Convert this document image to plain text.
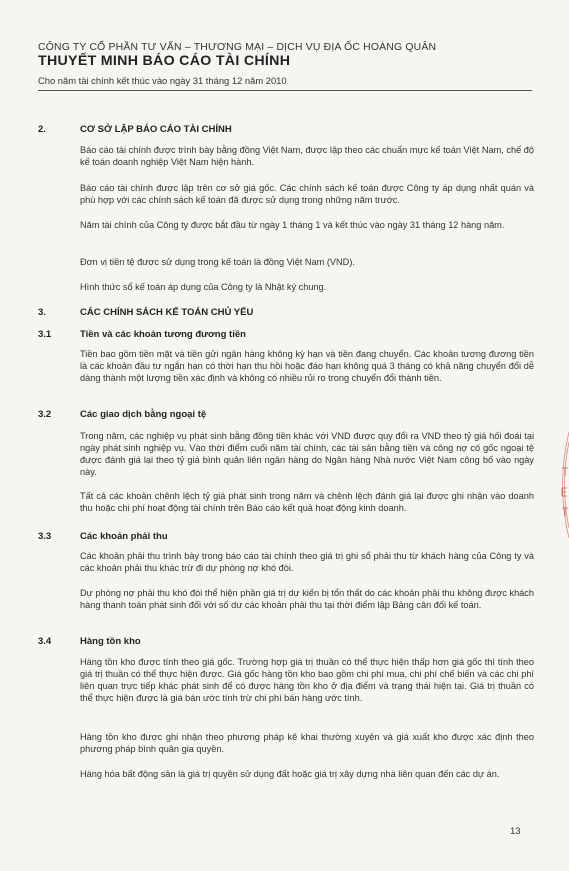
CÔNG TY CỔ PHẦN TƯ VẤN – THƯƠNG MẠI – DỊCH VỤ ĐỊA ỐC HOÀNG QUÂN
THUYẾT MINH BÁO CÁO TÀI CHÍNH
Cho năm tài chính kết thúc vào ngày 31 tháng 12 năm 2010
2.	CƠ SỞ LẬP BÁO CÁO TÀI CHÍNH

Báo cáo tài chính được trình bày bằng đồng Việt Nam, được lập theo các chuẩn mực kế toán Việt Nam, chế độ kế toán doanh nghiệp Việt Nam hiện hành.

Báo cáo tài chính được lập trên cơ sở giá gốc. Các chính sách kế toán được Công ty áp dụng nhất quán và phù hợp với các chính sách kế toán đã được sử dụng trong những năm trước.

Năm tài chính của Công ty được bắt đầu từ ngày 1 tháng 1 và kết thúc vào ngày 31 tháng 12 hàng năm.

Đơn vị tiền tệ được sử dụng trong kế toán là đồng Việt Nam (VND).

Hình thức sổ kế toán áp dụng của Công ty là Nhật ký chung.

3.	CÁC CHÍNH SÁCH KẾ TOÁN CHỦ YẾU
3.1	Tiền và các khoản tương đương tiền

Tiền bao gồm tiền mặt và tiền gửi ngân hàng không kỳ hạn và tiền đang chuyển. Các khoản tương đương tiền là các khoản đầu tư ngắn hạn có thời hạn thu hồi hoặc đáo hạn không quá 3 tháng có khả năng chuyển đổi dễ dàng thành một lượng tiền xác định và không có nhiều rủi ro trong chuyển đổi thành tiền.

3.2	Các giao dịch bằng ngoại tệ

Trong năm, các nghiệp vụ phát sinh bằng đồng tiền khác với VND được quy đổi ra VND theo tỷ giá hối đoái tại ngày phát sinh nghiệp vụ. Vào thời điểm cuối năm tài chính, các tài sản bằng tiền và công nợ có gốc ngoại tệ được đánh giá lại theo tỷ giá bình quân liên ngân hàng do Ngân hàng Nhà nước Việt Nam công bố vào ngày này.

Tất cả các khoản chênh lệch tỷ giá phát sinh trong năm và chênh lệch đánh giá lại được ghi nhận vào doanh thu hoặc chi phí hoạt động tài chính trên Báo cáo kết quả hoạt động kinh doanh.

3.3	Các khoản phải thu

Các khoản phải thu trình bày trong báo cáo tài chính theo giá trị ghi sổ phải thu từ khách hàng của Công ty và các khoản phải thu khác trừ đi dự phòng nợ khó đòi.

Dự phòng nợ phải thu khó đòi thể hiện phần giá trị dự kiến bị tổn thất do các khoản phải thu không được khách hàng thanh toán phát sinh đối với số dư các khoản phải thu tại thời điểm lập Bảng cân đối kế toán.

3.4	Hàng tồn kho

Hàng tồn kho được tính theo giá gốc. Trường hợp giá trị thuần có thể thực hiện thấp hơn giá gốc thì tính theo giá trị thuần có thể thực hiện được. Giá gốc hàng tồn kho bao gồm chi phí mua, chi phí chế biến và các chi phí liên quan trực tiếp khác phát sinh để có được hàng tồn kho ở địa điểm và trạng thái hiện tại. Giá trị thuần có thể thực hiện được là giá bán ước tính trừ chi phí bán hàng ước tính.

Hàng tồn kho được ghi nhận theo phương pháp kê khai thường xuyên và giá xuất kho được xác định theo phương pháp bình quân gia quyền.

Hàng hóa bất động sản là giá trị quyền sử dụng đất hoặc giá trị xây dựng nhà liên quan đến các dự án.

13
